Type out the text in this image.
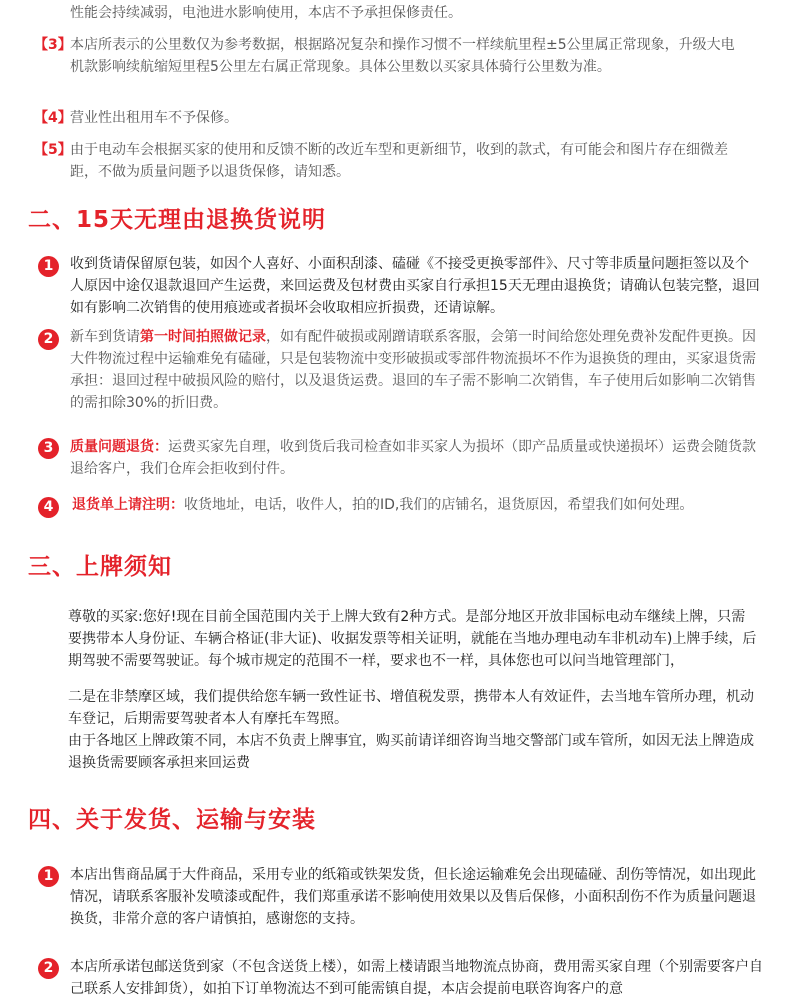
性能会持续减弱，电池进水影响使用，本店不予承担保修责任。

【3】

本店所表示的公里数仅为参考数据，根据路况复杂和操作习惯不一样续航里程±5公里属正常现象，升级大电机款影响续航缩短里程5公里左右属正常现象。具体公里数以买家具体骑行公里数为准。

【4】

营业性出租用车不予保修。

【5】

由于电动车会根据买家的使用和反馈不断的改近车型和更新细节，收到的款式，有可能会和图片存在细微差距，不做为质量问题予以退货保修，请知悉。

二、15天无理由退换货说明
1	收到货请保留原包装，如因个人喜好、小面积刮漆、磕碰《不接受更换零部件》、尺寸等非质量问题拒签以及个人原因中途仅退款退回产生运费，来回运费及包材费由买家自行承担15天无理由退换货；请确认包装完整，退回如有影响二次销售的使用痕迹或者损坏会收取相应折损费，还请谅解。

2	新车到货请第一时间拍照做记录，如有配件破损或剐蹭请联系客服，会第一时间给您处理免费补发配件更换。因大件物流过程中运输难免有磕碰，只是包装物流中变形破损或零部件物流损坏不作为退换货的理由，买家退货需承担：退回过程中破损风险的赔付，以及退货运费。退回的车子需不影响二次销售，车子使用后如影响二次销售的需扣除30%的折旧费。

3	质量问题退货：运费买家先自理，收到货后我司检查如非买家人为损坏（即产品质量或快递损坏）运费会随货款退给客户，我们仓库会拒收到付件。

4	退货单上请注明：收货地址，电话，收件人，拍的ID,我们的店铺名，退货原因，希望我们如何处理。

三、上牌须知

尊敬的买家:您好!现在目前全国范围内关于上牌大致有2种方式。是部分地区开放非国标电动车继续上牌，只需要携带本人身份证、车辆合格证(非大证)、收据发票等相关证明，就能在当地办理电动车非机动车)上牌手续，后期驾驶不需要驾驶证。每个城市规定的范围不一样，要求也不一样，具体您也可以问当地管理部门，

二是在非禁摩区域，我们提供给您车辆一致性证书、增值税发票，携带本人有效证件，去当地车管所办理，机动车登记，后期需要驾驶者本人有摩托车驾照。

由于各地区上牌政策不同，本店不负责上牌事宜，购买前请详细咨询当地交警部门或车管所，如因无法上牌造成退换货需要顾客承担来回运费

四、关于发货、运输与安装
1	本店出售商品属于大件商品，采用专业的纸箱或铁架发货，但长途运输难免会出现磕碰、刮伤等情况，如出现此情况，请联系客服补发喷漆或配件，我们郑重承诺不影响使用效果以及售后保修，小面积刮伤不作为质量问题退换货，非常介意的客户请慎拍，感谢您的支持。

2	本店所承诺包邮送货到家（不包含送货上楼），如需上楼请跟当地物流点协商，费用需买家自理（个别需要客户自己联系人安排卸货），如拍下订单物流达不到可能需镇自提，本店会提前电联咨询客户的意
